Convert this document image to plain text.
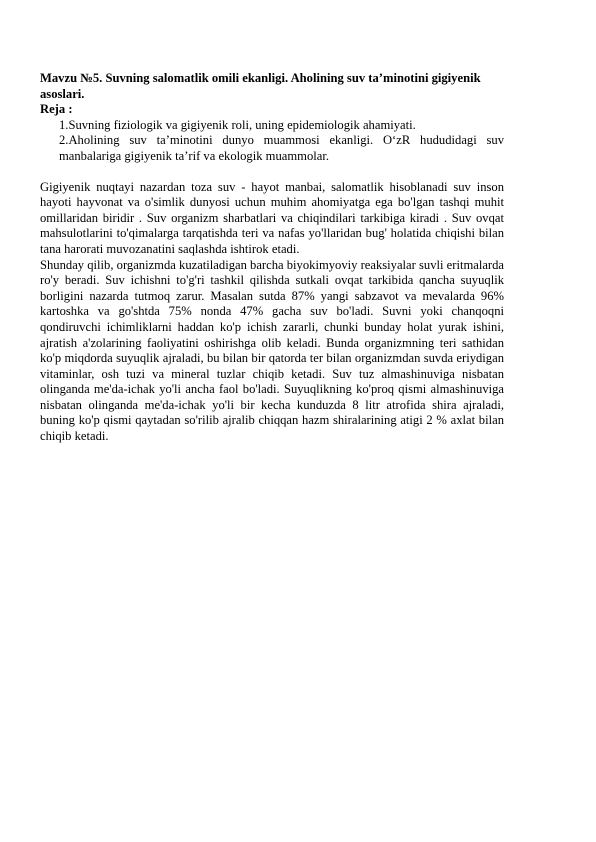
Mavzu №5. Suvning salomatlik omili ekanligi. Aholining suv ta’minotini gigiyenik asoslari.

Reja :

1.Suvning fiziologik va gigiyenik roli, uning epidemiologik ahamiyati.
2.Aholining suv ta’minotini dunyo muammosi ekanligi. O‘zR hududidagi suv manbalariga gigiyenik ta’rif va ekologik muammolar.

Gigiyenik nuqtayi nazardan toza suv - hayot manbai, salomatlik hisoblanadi suv inson hayoti hayvonat va o'simlik dunyosi uchun muhim ahomiyatga ega bo'lgan tashqi muhit omillaridan biridir . Suv organizm sharbatlari va chiqindilari tarkibiga kiradi . Suv ovqat mahsulotlarini to'qimalarga tarqatishda teri va nafas yo'llaridan bug' holatida chiqishi bilan tana harorati muvozanatini saqlashda ishtirok etadi.

Shunday qilib, organizmda kuzatiladigan barcha biyokimyoviy reaksiyalar suvli eritmalarda ro'y beradi. Suv ichishni to'g'ri tashkil qilishda sutkali ovqat tarkibida qancha suyuqlik borligini nazarda tutmoq zarur. Masalan sutda 87% yangi sabzavot va mevalarda 96% kartoshka va go'shtda 75% nonda 47% gacha suv bo'ladi. Suvni yoki chanqoqni qondiruvchi ichimliklarni haddan ko'p ichish zararli, chunki bunday holat yurak ishini, ajratish a'zolarining faoliyatini oshirishga olib keladi. Bunda organizmning teri sathidan ko'p miqdorda suyuqlik ajraladi, bu bilan bir qatorda ter bilan organizmdan suvda eriydigan vitaminlar, osh tuzi va mineral tuzlar chiqib ketadi. Suv tuz almashinuviga nisbatan olinganda me'da-ichak yo'li ancha faol bo'ladi. Suyuqlikning ko'proq qismi almashinuviga nisbatan olinganda me'da-ichak yo'li bir kecha kunduzda 8 litr atrofida shira ajraladi, buning ko'p qismi qaytadan so'rilib ajralib chiqqan hazm shiralarining atigi 2 % axlat bilan chiqib ketadi.
